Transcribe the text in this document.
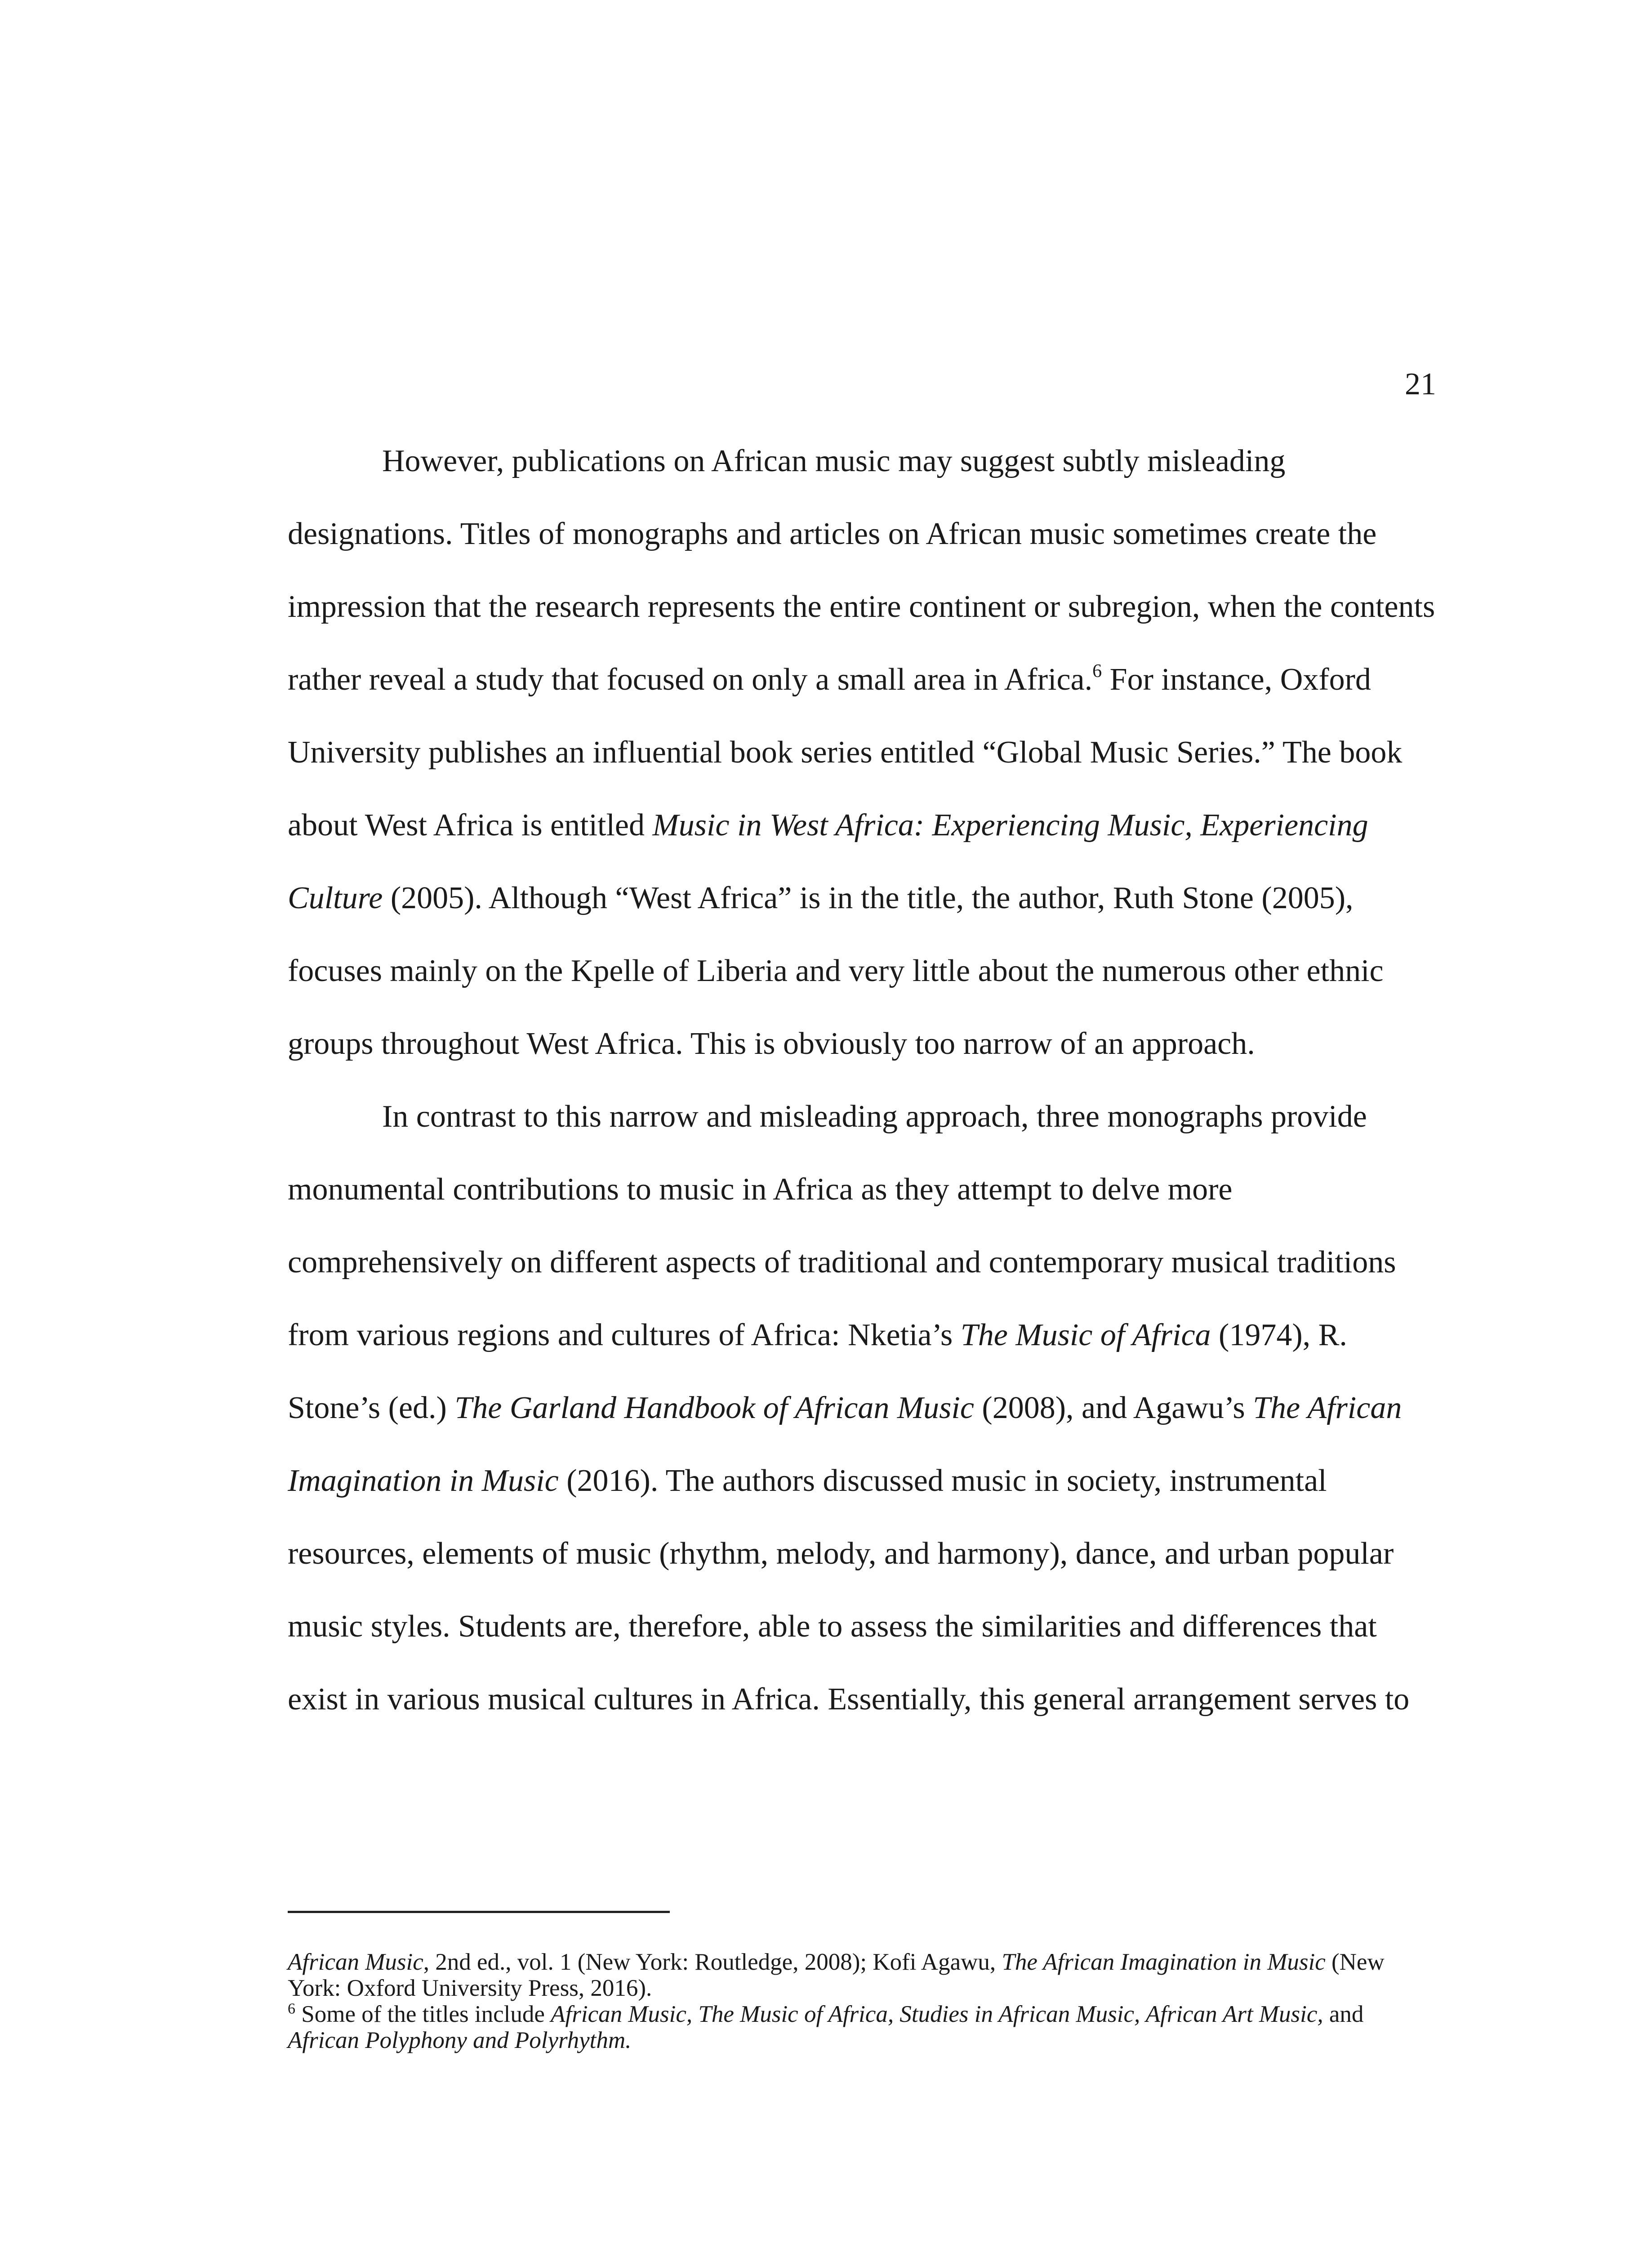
21

However, publications on African music may suggest subtly misleading designations. Titles of monographs and articles on African music sometimes create the impression that the research represents the entire continent or subregion, when the contents rather reveal a study that focused on only a small area in Africa.$^6$ For instance, Oxford University publishes an influential book series entitled “Global Music Series.” The book about West Africa is entitled Music in West Africa: Experiencing Music, Experiencing Culture (2005). Although “West Africa” is in the title, the author, Ruth Stone (2005), focuses mainly on the Kpelle of Liberia and very little about the numerous other ethnic groups throughout West Africa. This is obviously too narrow of an approach.

In contrast to this narrow and misleading approach, three monographs provide monumental contributions to music in Africa as they attempt to delve more comprehensively on different aspects of traditional and contemporary musical traditions from various regions and cultures of Africa: Nketia’s The Music of Africa (1974), R. Stone’s (ed.) The Garland Handbook of African Music (2008), and Agawu’s The African Imagination in Music (2016). The authors discussed music in society, instrumental resources, elements of music (rhythm, melody, and harmony), dance, and urban popular music styles. Students are, therefore, able to assess the similarities and differences that exist in various musical cultures in Africa. Essentially, this general arrangement serves to

African Music, 2nd ed., vol. 1 (New York: Routledge, 2008); Kofi Agawu, The African Imagination in Music (New York: Oxford University Press, 2016).

$^6$ Some of the titles include African Music, The Music of Africa, Studies in African Music, African Art Music, and African Polyphony and Polyrhythm.
